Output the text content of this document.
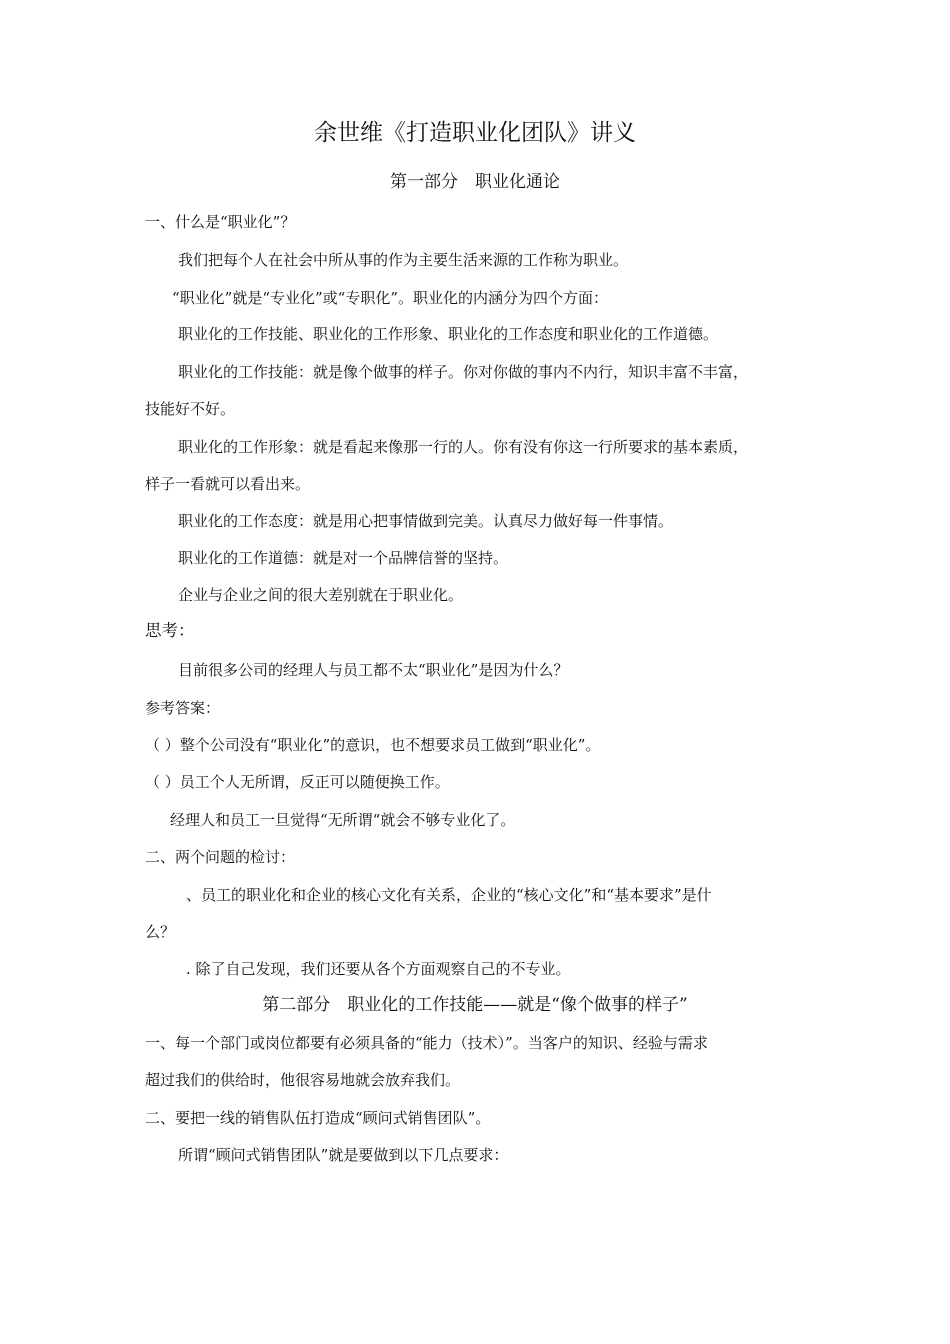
余世维《打造职业化团队》讲义
第一部分　职业化通论
一、什么是“职业化”？
我们把每个人在社会中所从事的作为主要生活来源的工作称为职业。
“职业化”就是“专业化”或“专职化”。职业化的内涵分为四个方面：
职业化的工作技能、职业化的工作形象、职业化的工作态度和职业化的工作道德。
职业化的工作技能：就是像个做事的样子。你对你做的事内不内行，知识丰富不丰富，
技能好不好。
职业化的工作形象：就是看起来像那一行的人。你有没有你这一行所要求的基本素质，
样子一看就可以看出来。
职业化的工作态度：就是用心把事情做到完美。认真尽力做好每一件事情。
职业化的工作道德：就是对一个品牌信誉的坚持。
企业与企业之间的很大差别就在于职业化。
思考：
目前很多公司的经理人与员工都不太“职业化”是因为什么？
参考答案：
（ ）整个公司没有“职业化”的意识，也不想要求员工做到“职业化”。
（ ）员工个人无所谓，反正可以随便换工作。
经理人和员工一旦觉得“无所谓“就会不够专业化了。
二、两个问题的检讨：
、员工的职业化和企业的核心文化有关系，企业的“核心文化”和“基本要求”是什
么？
. 除了自己发现，我们还要从各个方面观察自己的不专业。
第二部分　职业化的工作技能——就是“像个做事的样子”
一、每一个部门或岗位都要有必须具备的“能力（技术）”。当客户的知识、经验与需求
超过我们的供给时，他很容易地就会放弃我们。
二、要把一线的销售队伍打造成“顾问式销售团队”。
所谓“顾问式销售团队”就是要做到以下几点要求：
